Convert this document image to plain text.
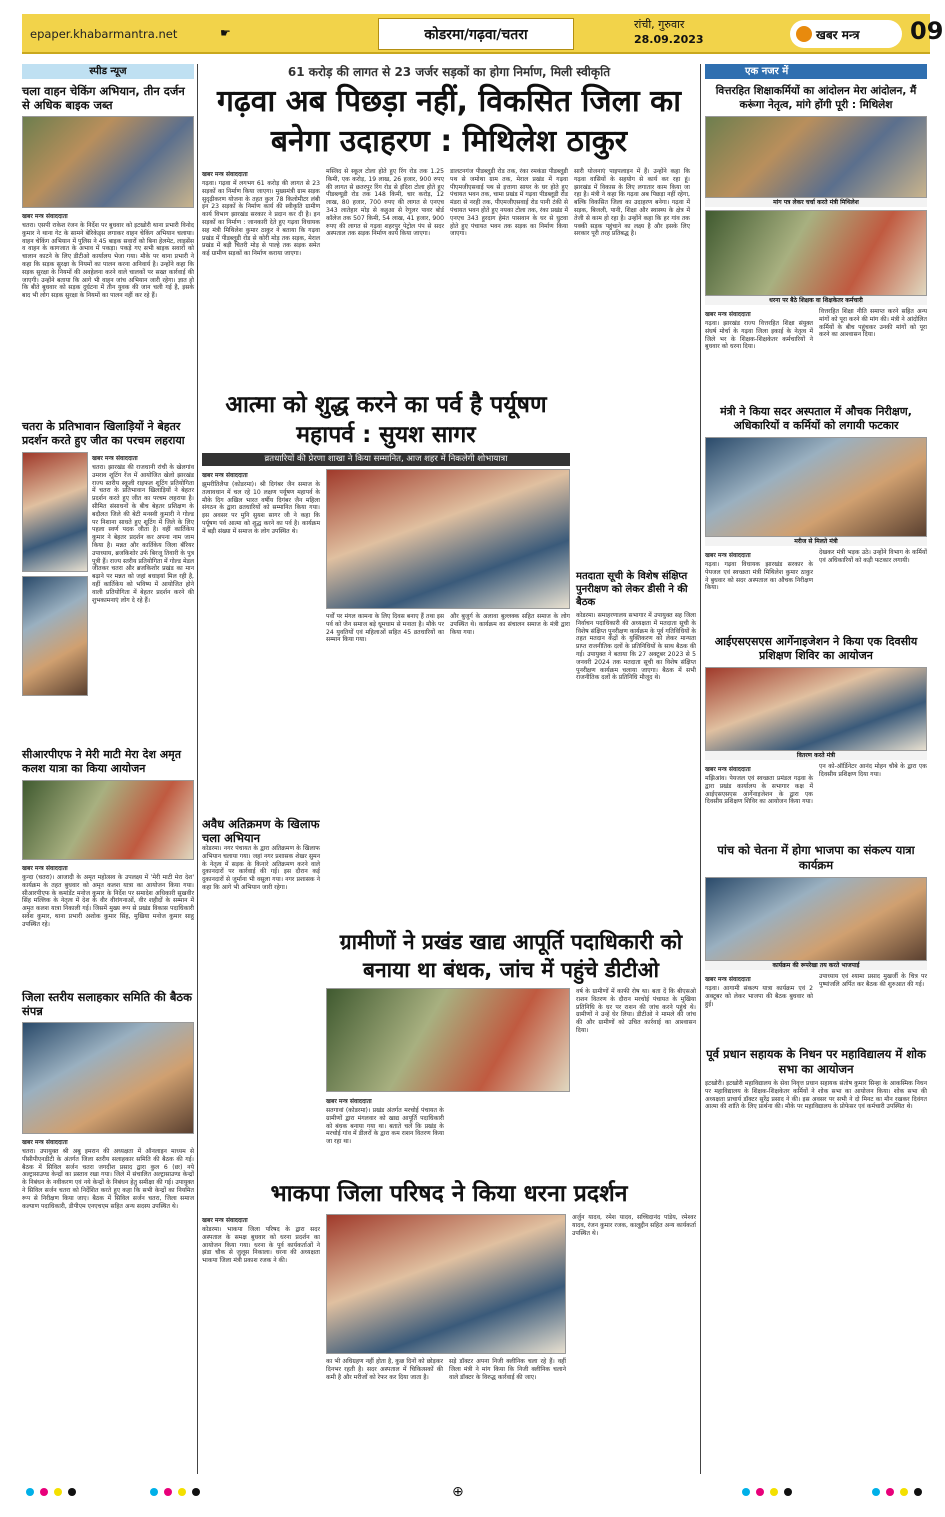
epaper.khabarmantra.net	☛	कोडरमा/गढ़वा/चतरा
रांची, गुरुवार
28.09.2023	खबर मन्त्र 09
स्पीड न्यूज
चला वाहन चेकिंग अभियान, तीन दर्जन से अधिक बाइक जब्त
खबर मन्त्र संवाददाता
चतरा। एसपी राकेश रंजन के निर्देश पर बुधवार को इटखोरी थाना प्रभारी विनोद कुमार ने थाना गेट के सामने बेरिकेड्स लगाकर वाहन चेकिंग अभियान चलाया। वाहन चेकिंग अभियान में पुलिस ने 45 बाइक सवारों को बिना हेलमेट, लाइसेंस व वाहन के कागजात के अभाव में पकड़ा। पकड़े गए सभी बाइक सवारों को चालान काटने के लिए डीटीओ कार्यालय भेजा गया। मौके पर थाना प्रभारी ने कहा कि सड़क सुरक्षा के नियमों का पालन करना अनिवार्य है। उन्होंने कहा कि सड़क सुरक्षा के नियमों की अवहेलना करने वाले चालकों पर सख्त कार्रवाई की जाएगी। उन्होंने बताया कि आगे भी वाहन जांच अभियान जारी रहेगा। ज्ञात हो कि बीते बुधवार को सड़क दुर्घटना में तीन युवक की जान चली गई है, इसके बाद भी लोग सड़क सुरक्षा के नियमों का पालन नहीं कर रहे हैं।
चतरा के प्रतिभावान खिलाड़ियों ने बेहतर प्रदर्शन करते हुए जीत का परचम लहराया
खबर मन्त्र संवाददाता
चतरा। झारखंड की राजधानी रांची के खेलगांव उमराव शूटिंग रेंज में आयोजित खेलो झारखंड राज्य स्तरीय स्कूली राइफल शूटिंग प्रतियोगिता में चतरा के प्रतिभावान खिलाड़ियों ने बेहतर प्रदर्शन करते हुए जीत का परचम लहराया है। सीमित संसाधनों के बीच बेहतर प्रशिक्षण के बदौलत जिले की बेटी मनस्वी कुमारी ने गोल्ड पर निशाना साधते हुए शूटिंग में जिले के लिए पहला स्वर्ण पदक जीता है। वहीं कार्तिकेय कुमार ने बेहतर प्रदर्शन कर अपना नाम जाम किया है। मन्नत और कार्तिकेय जिला बॅरियर उपाध्याय, ब्रजकिशोर उर्फ बिरजू तिवारी के पुत्र पुत्री हैं। राज्य स्तरीय प्रतियोगिता में गोल्ड मेडल जीतकर चतरा और ब्रजकिशोर प्रखंड का मान बढ़ाने पर मन्नत को जहां बधाइयां मिल रही है, वहीं कार्तिकेय को भविष्य में आयोजित होने वाली प्रतियोगिता में बेहतर प्रदर्शन करने की शुभकामनाएं लोग दे रहे हैं।
सीआरपीएफ ने मेरी माटी मेरा देश अमृत कलश यात्रा का किया आयोजन
खबर मन्त्र संवाददाता
कुन्दा (चतरा)। आजादी के अमृत महोत्सव के उपलक्ष्य में 'मेरी माटी मेरा देश' कार्यक्रम के तहत बुधवार को अमृत कलश यात्रा का आयोजन किया गया। सीआरपीएफ के कमांडेंट मनोज कुमार के निर्देश पर समादेश अधिकारी सुखवीर सिंह मल्लिक के नेतृत्व में देश के वीर वीरांगनाओं, वीर शहीदों के सम्मान में अमृत कलश यात्रा निकाली गई। जिसमें मुख्य रूप से प्रखंड विकास पदाधिकारी सर्वेश कुमार, थाना प्रभारी अशोक कुमार सिंह, मुखिया मनोज कुमार साहु उपस्थित रहे।
जिला स्तरीय सलाहकार समिति की बैठक संपन्न
खबर मन्त्र संवाददाता
चतरा। उपायुक्त श्री अबु इमरान की अध्यक्षता में ऑनलाइन माध्यम से पीसीपीएनडीटी के अंतर्गत जिला स्तरीय सलाहकार समिति की बैठक की गई। बैठक में सिविल सर्जन चतरा जगदीश प्रसाद द्वारा कुल 6 (छः) नये अल्ट्रासाउण्ड केन्द्रों का प्रस्ताव रखा गया। जिले में संचालित अल्ट्रासाउण्ड केन्द्रों के निबंधन के नवीकरण एवं नये केन्द्रों के निबंधन हेतु समीक्षा की गई। उपायुक्त ने सिविल सर्जन चतरा को निर्देशित करते हुए कहा कि सभी केन्द्रों का नियमित रूप से निरीक्षण किया जाए। बैठक में सिविल सर्जन चतरा, जिला समाज कल्याण पदाधिकारी, डीपीएम एनएचएम सहित अन्य सदस्य उपस्थित थे।
61 करोड़ की लागत से 23 जर्जर सड़कों का होगा निर्माण, मिली स्वीकृति
गढ़वा अब पिछड़ा नहीं, विकसित जिला का बनेगा उदाहरण : मिथिलेश ठाकुर
खबर मन्त्र संवाददाता
गढ़वा। गढ़वा में लगभग 61 करोड़ की लागत से 23 सड़कों का निर्माण किया जाएगा। मुख्यमंत्री ग्राम सड़क सुदृढ़ीकरण योजना के तहत कुल 78 किलोमीटर लंबी इन 23 सड़कों के निर्माण कार्य की स्वीकृति ग्रामीण कार्य विभाग झारखंड सरकार ने प्रदान कर दी है। इन सड़कों का निर्माण : जानकारी देते हुए गढ़वा विधायक सह मंत्री मिथिलेश कुमार ठाकुर ने बताया कि गढ़वा प्रखंड में पीडब्लूडी रोड से कोरी मोड़ तक सड़क, मेराल प्रखंड में बड़ी चितरी मोड़ से पाल्हे तक सड़क समेत कई ग्रामीण सड़कों का निर्माण कराया जाएगा।
मस्जिद से स्कूल टोला होते हुए रिंग रोड तक 1.25 किमी, एक करोड़, 19 लाख, 26 हजार, 900 रुपए की लागत से छतरपुर रिंग रोड से इंदिरा टोला होते हुए पीडब्ल्यूडी रोड तक 148 किमी, चार करोड़, 12 लाख, 80 हजार, 700 रुपए की लागत से एनएच 343 लातेहार मोड़ से कहुआ से रेगुलर पावर बोर्ड कॉलेज तक 507 किमी, 54 लाख, 41 हजार, 900 रुपए की लागत से गढ़वा शहरपुर पेट्रोल पंप से सदर अस्पताल तक सड़क निर्माण कार्य किया जाएगा।
डालटनगंज पीडब्लूडी रोड तक, रंका रमकंडा पीडब्लूडी पथ से जमोथा ग्राम तक, मेराल प्रखंड में गढ़वा पीएमजीएसवाई पथ से इत्तागा सायर के घर होते हुए पंचायत भवन तक, चामा प्रखंड में गढ़वा पीडब्लूडी रोड मंडरा से नरही तक, पीएमजीएसवाई रोड पानी टंकी से पंचायत भवन होते हुए नयका टोला तक, रंका प्रखंड में एनएच 343 हुरदाग हेमंत पासवान के घर से घुटवा होते हुए पंचायत भवन तक सड़क का निर्माण किया जाएगा।
सारी योजनाएं पाइपलाइन में हैं। उन्होंने कहा कि गढ़वा वासियों के सहयोग से कार्य कर रहा हूं। झारखंड में विकास के लिए लगातार काम किया जा रहा है। मंत्री ने कहा कि गढ़वा अब पिछड़ा नहीं रहेगा, बल्कि विकसित जिला का उदाहरण बनेगा। गढ़वा में सड़क, बिजली, पानी, शिक्षा और स्वास्थ्य के क्षेत्र में तेजी से काम हो रहा है। उन्होंने कहा कि हर गांव तक पक्की सड़क पहुंचाने का लक्ष्य है और इसके लिए सरकार पूरी तरह प्रतिबद्ध है।
आत्मा को शुद्ध करने का पर्व है पर्यूषण महापर्व : सुयश सागर
व्रतधारियों की प्रेरणा शाखा ने किया सम्मानित, आज शहर में निकलेगी शोभायात्रा
खबर मन्त्र संवाददाता
झुमरीतिलैया (कोडरमा)। श्री दिगंबर जैन समाज के तत्वावधान में चल रहे 10 लक्षण पर्यूषण महापर्व के मौके दिग अखिल भारत वर्षीय दिगंबर जैन महिला संगठन के द्वारा व्रतधारियों को सम्मानित किया गया। इस अवसर पर मुनि सुयश सागर जी ने कहा कि पर्यूषण पर्व आत्मा को शुद्ध करने का पर्व है। कार्यक्रम में बड़ी संख्या में समाज के लोग उपस्थित थे।
पर्वों पर मंगल कामना के लिए दिवस बनाए हैं तथा इस पर्व को जैन समाज बड़े धूमधाम से मनाता है। मौके पर 24 युवतियों एवं महिलाओं सहित 45 व्रतधारियों का सम्मान किया गया।
और बुजुर्ग के अलावा बुल्लक्क सहित समाज के लोग उपस्थित थे। कार्यक्रम का संचालन समाज के मंत्री द्वारा किया गया।
अवैध अतिक्रमण के खिलाफ चला अभियान
कोडरमा। नगर पंचायत के द्वारा अतिक्रमण के खिलाफ अभियान चलाया गया। जहां नगर प्रशासक शेखर सुमन के नेतृत्व में सड़क के किनारे अतिक्रमण करने वाले दुकानदारों पर कार्रवाई की गई। इस दौरान कई दुकानदारों से जुर्माना भी वसूला गया। नगर प्रशासक ने कहा कि आगे भी अभियान जारी रहेगा।
मतदाता सूची के विशेष संक्षिप्त पुनरीक्षण को लेकर डीसी ने की बैठक
कोडरमा। समाहरणालय सभागार में उपायुक्त सह जिला निर्वाचन पदाधिकारी की अध्यक्षता में मतदाता सूची के विशेष संक्षिप्त पुनरीक्षण कार्यक्रम के पूर्व गतिविधियों के तहत मतदान केंद्रों के युक्तिकरण को लेकर मान्यता प्राप्त राजनीतिक दलों के प्रतिनिधियों के साथ बैठक की गई। उपायुक्त ने बताया कि 27 अक्टूबर 2023 से 5 जनवरी 2024 तक मतदाता सूची का विशेष संक्षिप्त पुनरीक्षण कार्यक्रम चलाया जाएगा। बैठक में सभी राजनीतिक दलों के प्रतिनिधि मौजूद थे।
ग्रामीणों ने प्रखंड खाद्य आपूर्ति पदाधिकारी को बनाया था बंधक, जांच में पहुंचे डीटीओ
खबर मन्त्र संवाददाता
सतगावां (कोडरमा)। प्रखंड अंतर्गत मरचोई पंचायत के ग्रामीणों द्वारा मंगलवार को खाद्य आपूर्ति पदाधिकारी को बंधक बनाया गया था। बताते चलें कि प्रखंड के मरचोई गांव में डीलरों के द्वारा कम राशन वितरण किया जा रहा था।
वर्ष के ग्रामीणों में काफी रोष था। बता दें कि बीएसओ राशन वितरण के दौरान मरचोई पंचायत के मुखिया प्रतिनिधि के घर पर राशन की जांच करने पहुंचे थे। ग्रामीणों ने उन्हें घेर लिया। डीटीओ ने मामले की जांच की और ग्रामीणों को उचित कार्रवाई का आश्वासन दिया।
भाकपा जिला परिषद ने किया धरना प्रदर्शन
खबर मन्त्र संवाददाता
कोडरमा। भाकपा जिला परिषद के द्वारा सदर अस्पताल के समक्ष बुधवार को धरना प्रदर्शन का आयोजन किया गया। धरना के पूर्व कार्यकर्ताओं ने झंडा चौक से जुलूस निकाला। धरना की अध्यक्षता भाकपा जिला मंत्री प्रकाश रजक ने की।
का भी अधिग्रहण नहीं होता है, कुछ दिनों को छोड़कर दिनभर रहती है। सदर अस्पताल में चिकित्सकों की कमी है और मरीजों को रेफर कर दिया जाता है।
सड़े डॉक्टर अपना निजी क्लीनिक चला रहे हैं। वहीं जिला मंत्री ने मांग किया कि निजी क्लीनिक चलाने वाले डॉक्टर के विरुद्ध कार्रवाई की जाए।
अर्जुन यादव, रमेश यादव, सच्चिदानंद पांडेय, रमेश्वर यादव, रंजन कुमार रजक, कालूद्दीन सहित अन्य कार्यकर्ता उपस्थित थे।
एक नजर में
वित्तरहित शिक्षाकर्मियों का आंदोलन मेरा आंदोलन, मैं करूंगा नेतृत्व, मांगे होंगी पूरी : मिथिलेश
मांग पत्र लेकर चर्चा करते मंत्री मिथिलेश
धरना पर बैठे शिक्षक वा शिक्षकेतर कर्मचारी
खबर मन्त्र संवाददाता
गढ़वा। झारखंड राज्य वित्तरहित शिक्षा संयुक्त संघर्ष मोर्चा के गढ़वा जिला इकाई के नेतृत्व में जिले भर के शिक्षक-शिक्षकेतर कर्मचारियों ने बुधवार को धरना दिया।
वित्तरहित शिक्षा नीति समाप्त करने सहित अन्य मांगों को पूरा करने की मांग की। मंत्री ने आंदोलित कर्मियों के बीच पहुंचकर उनकी मांगों को पूरा करने का आश्वासन दिया।
मंत्री ने किया सदर अस्पताल में औचक निरीक्षण, अधिकारियों व कर्मियों को लगायी फटकार
मरीज से मिलते मंत्री
खबर मन्त्र संवाददाता
गढ़वा। गढ़वा विधायक झारखंड सरकार के पेयजल एवं स्वच्छता मंत्री मिथिलेश कुमार ठाकुर ने बुधवार को सदर अस्पताल का औचक निरीक्षण किया।
देखकर मंत्री भड़क उठे। उन्होंने विभाग के कर्मियों एवं अधिकारियों को कड़ी फटकार लगायी।
आईएसएसएस आर्गेनाइजेशन ने किया एक दिवसीय प्रशिक्षण शिविर का आयोजन
वितरण करते मंत्री
खबर मन्त्र संवाददाता
मझिआंव। पेयजल एवं स्वच्छता प्रमंडल गढ़वा के द्वारा प्रखंड कार्यालय के सभागार कक्ष में आईएसएसएस आर्गेनाइजेशन के द्वारा एक दिवसीय प्रशिक्षण शिविर का आयोजन किया गया।
एन को-ऑर्डिनेटर आनंद मोहन चौबे के द्वारा एक दिवसीय प्रशिक्षण दिया गया।
पांच को चेतना में होगा भाजपा का संकल्प यात्रा कार्यक्रम
कार्यक्रम की रूपरेखा तय करते भाजपाई
खबर मन्त्र संवाददाता
गढ़वा। आगामी संकल्प यात्रा कार्यक्रम एवं 2 अक्टूबर को लेकर भाजपा की बैठक बुधवार को हुई।
उपाध्याय एवं श्यामा प्रसाद मुखर्जी के चित्र पर पुष्पांजलि अर्पित कर बैठक की शुरुआत की गई।
पूर्व प्रधान सहायक के निधन पर महाविद्यालय में शोक सभा का आयोजन
इटखोरी। इटखोरी महाविद्यालय के सेवा निवृत्त प्रधान सहायक संतोष कुमार सिन्हा के आकस्मिक निधन पर महाविद्यालय के शिक्षक-शिक्षकेतर कर्मियों ने शोक सभा का आयोजन किया। शोक सभा की अध्यक्षता प्राचार्य डॉक्टर सुरेंद्र प्रसाद ने की। इस अवसर पर सभी ने दो मिनट का मौन रखकर दिवंगत आत्मा की शांति के लिए प्रार्थना की। मौके पर महाविद्यालय के प्रोफेसर एवं कर्मचारी उपस्थित थे।
⊕
